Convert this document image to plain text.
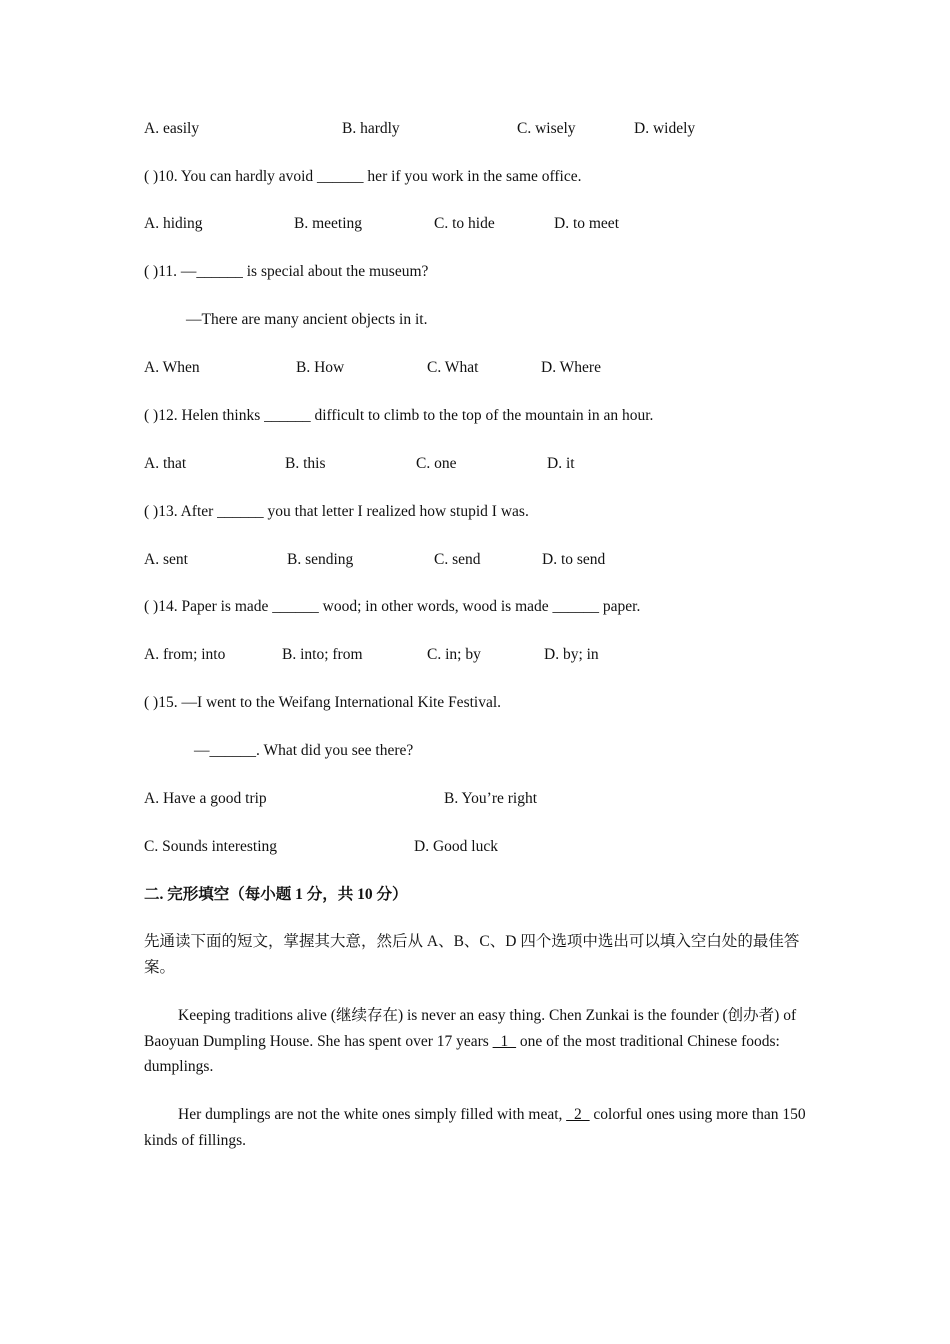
A. easily	B. hardly	C. wisely	D. widely
( )10. You can hardly avoid ______ her if you work in the same office.
A. hiding	B. meeting	C. to hide	D. to meet
( )11. —______ is special about the museum?
—There are many ancient objects in it.
A. When	B. How	C. What	D. Where
( )12. Helen thinks ______ difficult to climb to the top of the mountain in an hour.
A. that	B. this	C. one	D. it
( )13. After ______ you that letter I realized how stupid I was.
A. sent	B. sending	C. send	D. to send
( )14. Paper is made ______ wood; in other words, wood is made ______ paper.
A. from; into	B. into; from	C. in; by	D. by; in
( )15. —I went to the Weifang International Kite Festival.
—______. What did you see there?
A. Have a good trip	B. You’re right
C. Sounds interesting	D. Good luck
二. 完形填空（每小题 1 分，共 10 分）
先通读下面的短文，掌握其大意，然后从 A、B、C、D 四个选项中选出可以填入空白处的最佳答案。
Keeping traditions alive (继续存在) is never an easy thing. Chen Zunkai is the founder (创办者) of Baoyuan Dumpling House. She has spent over 17 years _1_ one of the most traditional Chinese foods: dumplings.
Her dumplings are not the white ones simply filled with meat, _2_ colorful ones using more than 150 kinds of fillings.
